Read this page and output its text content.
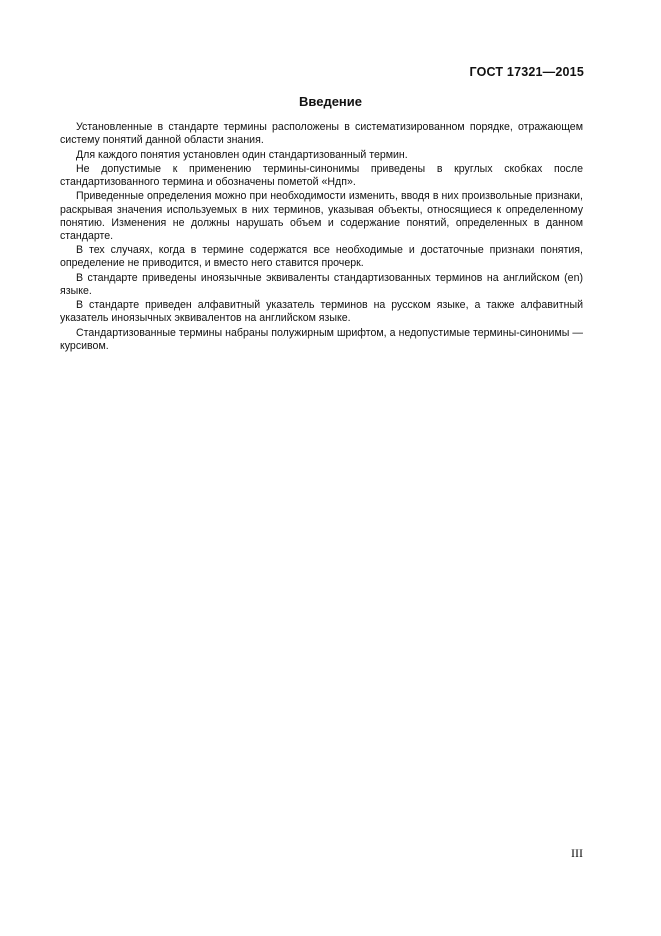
ГОСТ 17321—2015
Введение

Установленные в стандарте термины расположены в систематизированном порядке, отражающем систему понятий данной области знания.

Для каждого понятия установлен один стандартизованный термин.

Не допустимые к применению термины-синонимы приведены в круглых скобках после стандартизованного термина и обозначены пометой «Ндп».

Приведенные определения можно при необходимости изменить, вводя в них произвольные признаки, раскрывая значения используемых в них терминов, указывая объекты, относящиеся к определенному понятию. Изменения не должны нарушать объем и содержание понятий, определенных в данном стандарте.

В тех случаях, когда в термине содержатся все необходимые и достаточные признаки понятия, определение не приводится, и вместо него ставится прочерк.

В стандарте приведены иноязычные эквиваленты стандартизованных терминов на английском (en) языке.

В стандарте приведен алфавитный указатель терминов на русском языке, а также алфавитный указатель иноязычных эквивалентов на английском языке.

Стандартизованные термины набраны полужирным шрифтом, а недопустимые термины-синонимы — курсивом.

III
